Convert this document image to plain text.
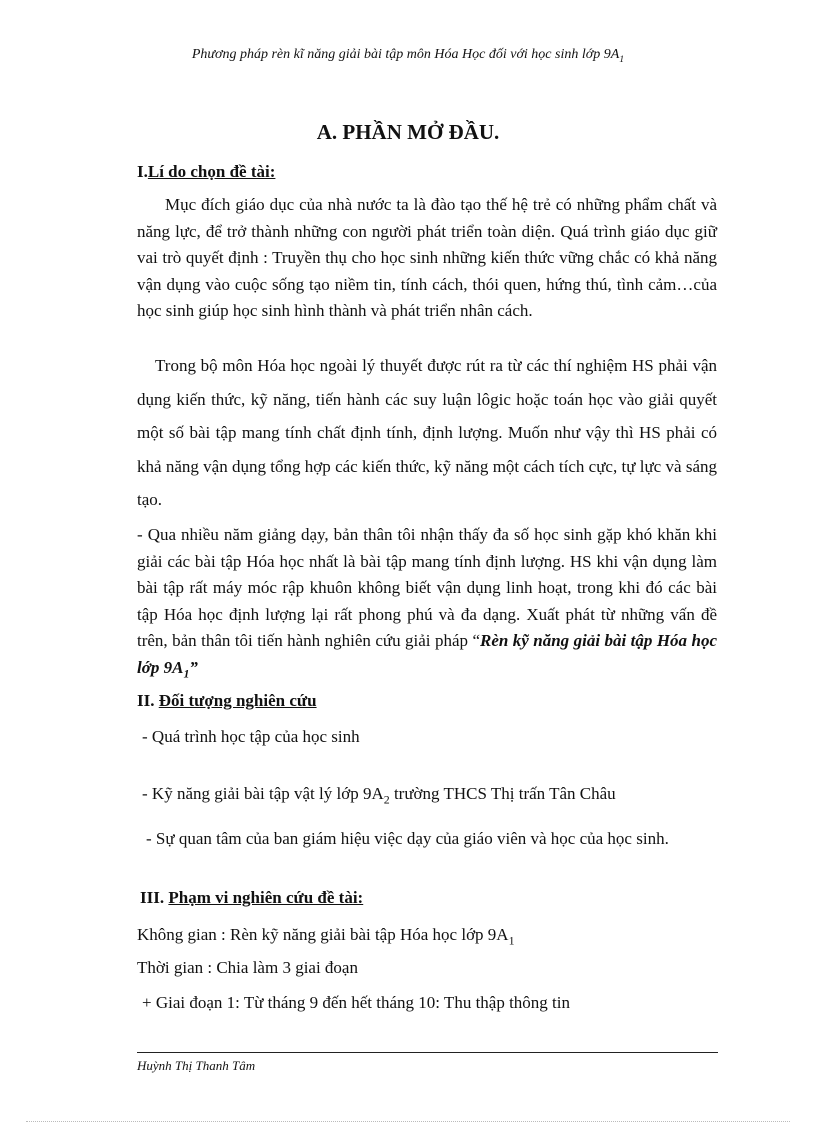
Phương pháp rèn kĩ năng giải bài tập môn Hóa Học đối với học sinh lớp $9A_1$
A. PHẦN MỞ ĐẦU.
I.Lí do chọn đề tài:
Mục đích giáo dục của nhà nước ta là đào tạo thế hệ trẻ có những phẩm chất và năng lực, để trở thành những con người phát triển toàn diện. Quá trình giáo dục giữ vai trò quyết định : Truyền thụ cho học sinh những kiến thức vững chắc có khả năng vận dụng vào cuộc sống tạo niềm tin, tính cách, thói quen, hứng thú, tình cảm…của học sinh giúp học sinh hình thành và phát triển nhân cách.
Trong bộ môn Hóa học ngoài lý thuyết được rút ra từ các thí nghiệm HS phải vận dụng kiến thức, kỹ năng, tiến hành các suy luận lôgic hoặc toán học vào giải quyết một số bài tập mang tính chất định tính, định lượng. Muốn như vậy thì HS phải có khả năng vận dụng tổng hợp các kiến thức, kỹ năng một cách tích cực, tự lực và sáng tạo.
- Qua nhiều năm giảng dạy, bản thân tôi nhận thấy đa số học sinh gặp khó khăn khi giải các bài tập Hóa học nhất là bài tập mang tính định lượng. HS khi vận dụng làm bài tập rất máy móc rập khuôn không biết vận dụng linh hoạt, trong khi đó các bài tập Hóa học định lượng lại rất phong phú và đa dạng. Xuất phát từ những vấn đề trên, bản thân tôi tiến hành nghiên cứu giải pháp “Rèn kỹ năng giải bài tập Hóa học lớp $9A_1$”
II. Đối tượng nghiên cứu
- Quá trình học tập của học sinh
- Kỹ năng giải bài tập vật lý lớp $9A_2$ trường THCS Thị trấn Tân Châu
- Sự quan tâm của ban giám hiệu việc dạy của giáo viên và học của học sinh.
III. Phạm vi nghiên cứu đề tài:
Không gian : Rèn kỹ năng giải bài tập Hóa học lớp $9A_1$
Thời gian : Chia làm 3 giai đoạn
+ Giai đoạn 1: Từ tháng 9 đến hết tháng 10: Thu thập thông tin
Huỳnh Thị Thanh Tâm
